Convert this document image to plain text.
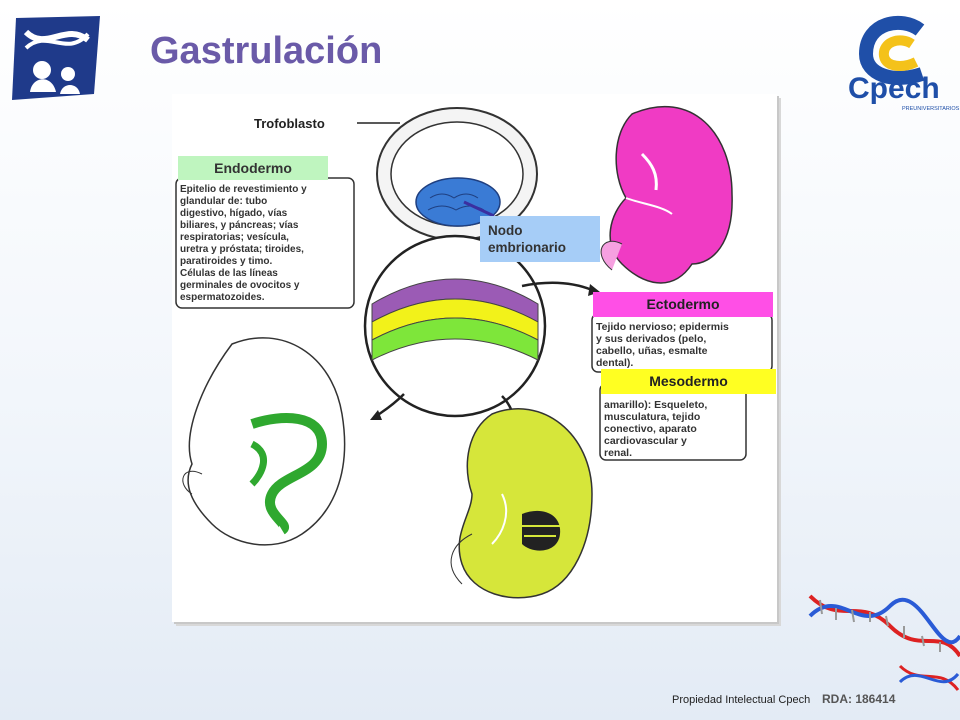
Gastrulación
Cpech
PREUNIVERSITARIOS
Trofoblasto
Epitelio de revestimiento y
glandular de: tubo
digestivo, hígado, vías
biliares, y páncreas; vías
respiratorias; vesícula,
uretra y próstata; tiroides,
paratiroides y timo.
Células de las líneas
germinales de ovocitos y
espermatozoides.
Tejido nervioso; epidermis
y sus derivados (pelo,
cabello, uñas, esmalte
dental).
amarillo): Esqueleto,
musculatura, tejido
conectivo, aparato
cardiovascular y
renal.
Endodermo
Nodo
embrionario
Ectodermo
Mesodermo
Propiedad Intelectual Cpech RDA: 186414
